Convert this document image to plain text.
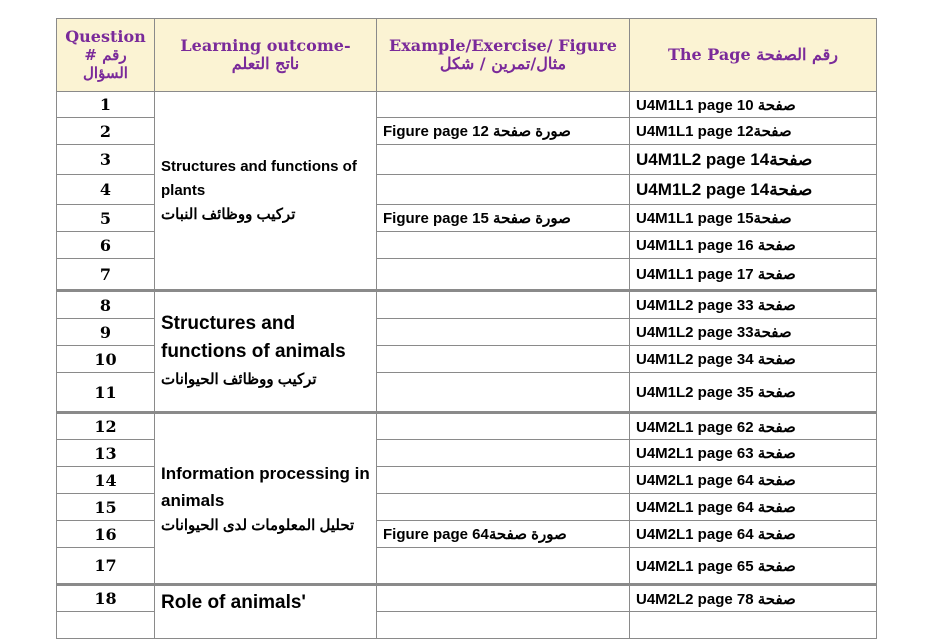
Question
رقم #
السؤال	Learning outcome-
ناتج التعلم	Example/Exercise/ Figure
مثال/تمرين / شكل	The Page رقم الصفحة

1	Structures and functions of plants
تركيب ووظائف النبات		U4M1L1 page 10 صفحة
2		Figure page 12 صورة صفحة	U4M1L1 page 12صفحة
3			U4M1L2 page 14صفحة
4			U4M1L2 page 14صفحة
5		Figure page 15 صورة صفحة	U4M1L1 page 15صفحة
6			U4M1L1 page 16 صفحة
7			U4M1L1 page 17 صفحة
8	Structures and functions of animals
تركيب ووظائف الحيوانات		U4M1L2 page 33 صفحة
9			U4M1L2 page 33صفحة
10			U4M1L2 page 34 صفحة
11			U4M1L2 page 35 صفحة
12	Information processing in animals
تحليل المعلومات لدى الحيوانات		U4M2L1 page 62 صفحة
13			U4M2L1 page 63 صفحة
14			U4M2L1 page 64 صفحة
15			U4M2L1 page 64 صفحة
16		Figure page 64صورة صفحة	U4M2L1 page 64 صفحة
17			U4M2L1 page 65 صفحة
18	Role of animals'		U4M2L2 page 78 صفحة
